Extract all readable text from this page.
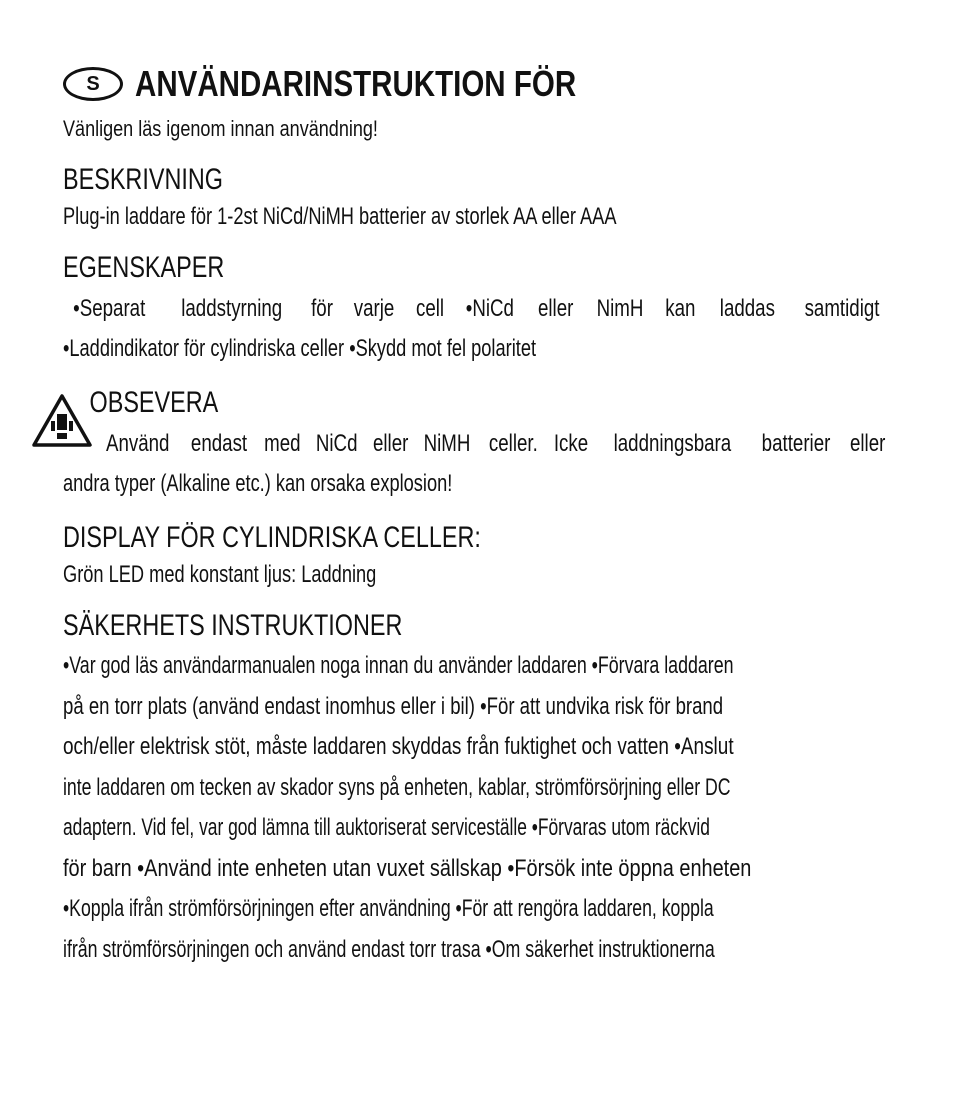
S ANVÄNDARINSTRUKTION FÖR
Vänligen läs igenom innan användning!
BESKRIVNING
Plug-in laddare för 1-2st NiCd/NiMH batterier av storlek AA eller AAA
EGENSKAPER
•Separat laddstyrning för varje cell •NiCd eller NimH kan laddas samtidigt
•Laddindikator för cylindriska celler •Skydd mot fel polaritet
OBSEVERA
Använd endast med NiCd eller NiMH celler. Icke laddningsbara batterier eller
andra typer (Alkaline etc.) kan orsaka explosion!
DISPLAY FÖR CYLINDRISKA CELLER:
Grön LED med konstant ljus: Laddning
SÄKERHETS INSTRUKTIONER
•Var god läs användarmanualen noga innan du använder laddaren •Förvara laddaren
på en torr plats (använd endast inomhus eller i bil) •För att undvika risk för brand
och/eller elektrisk stöt, måste laddaren skyddas från fuktighet och vatten •Anslut
inte laddaren om tecken av skador syns på enheten, kablar, strömförsörjning eller DC
adaptern. Vid fel, var god lämna till auktoriserat serviceställe •Förvaras utom räckvid
för barn •Använd inte enheten utan vuxet sällskap •Försök inte öppna enheten
•Koppla ifrån strömförsörjningen efter användning •För att rengöra laddaren, koppla
ifrån strömförsörjningen och använd endast torr trasa •Om säkerhet instruktionerna
